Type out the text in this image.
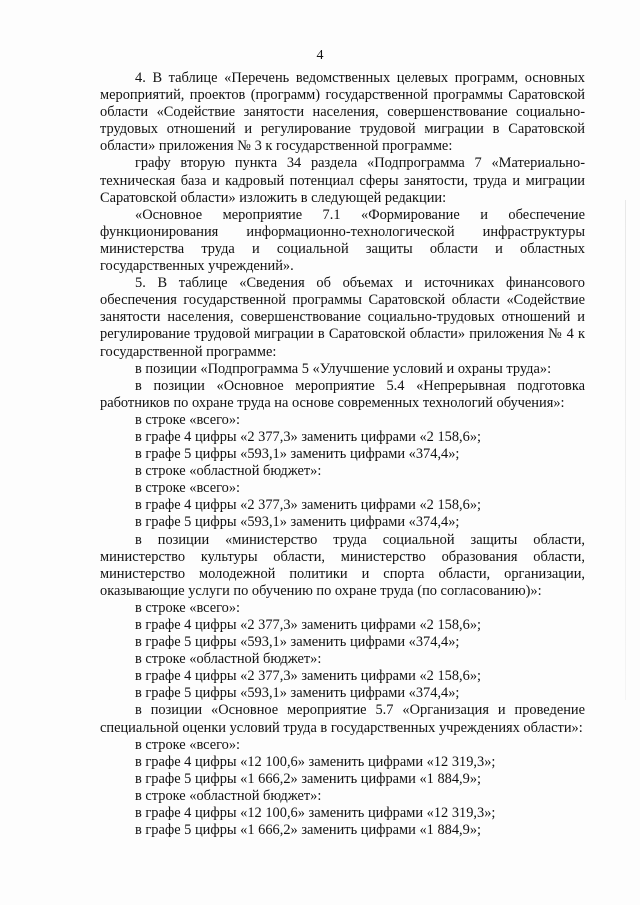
4

4. В таблице «Перечень ведомственных целевых программ, основных мероприятий, проектов (программ) государственной программы Саратовской области «Содействие занятости населения, совершенствование социально-трудовых отношений и регулирование трудовой миграции в Саратовской области» приложения № 3 к государственной программе:

графу вторую пункта 34 раздела «Подпрограмма 7 «Материально-техническая база и кадровый потенциал сферы занятости, труда и миграции Саратовской области» изложить в следующей редакции:

«Основное мероприятие 7.1 «Формирование и обеспечение функционирования информационно-технологической инфраструктуры министерства труда и социальной защиты области и областных государственных учреждений».

5. В таблице «Сведения об объемах и источниках финансового обеспечения государственной программы Саратовской области «Содействие занятости населения, совершенствование социально-трудовых отношений и регулирование трудовой миграции в Саратовской области» приложения № 4 к государственной программе:

в позиции «Подпрограмма 5 «Улучшение условий и охраны труда»:

в позиции «Основное мероприятие 5.4 «Непрерывная подготовка работников по охране труда на основе современных технологий обучения»:

в строке «всего»:

в графе 4 цифры «2 377,3» заменить цифрами «2 158,6»;

в графе 5 цифры «593,1» заменить цифрами «374,4»;

в строке «областной бюджет»:

в строке «всего»:

в графе 4 цифры «2 377,3» заменить цифрами «2 158,6»;

в графе 5 цифры «593,1» заменить цифрами «374,4»;

в позиции «министерство труда социальной защиты области, министерство культуры области, министерство образования области, министерство молодежной политики и спорта области, организации, оказывающие услуги по обучению по охране труда (по согласованию)»:

в строке «всего»:

в графе 4 цифры «2 377,3» заменить цифрами «2 158,6»;

в графе 5 цифры «593,1» заменить цифрами «374,4»;

в строке «областной бюджет»:

в графе 4 цифры «2 377,3» заменить цифрами «2 158,6»;

в графе 5 цифры «593,1» заменить цифрами «374,4»;

в позиции «Основное мероприятие 5.7 «Организация и проведение специальной оценки условий труда в государственных учреждениях области»:

в строке «всего»:

в графе 4 цифры «12 100,6» заменить цифрами «12 319,3»;

в графе 5 цифры «1 666,2» заменить цифрами «1 884,9»;

в строке «областной бюджет»:

в графе 4 цифры «12 100,6» заменить цифрами «12 319,3»;

в графе 5 цифры «1 666,2» заменить цифрами «1 884,9»;
